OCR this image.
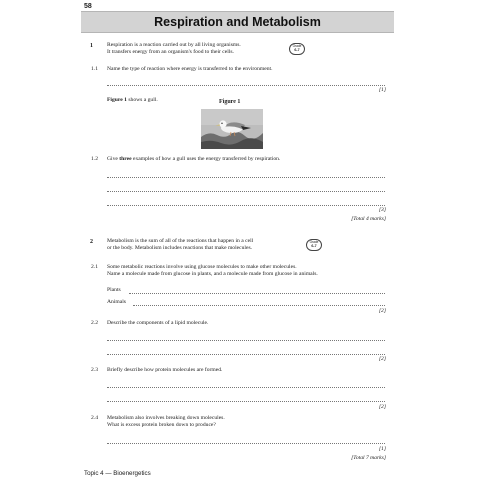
58
Respiration and Metabolism
1	Respiration is a reaction carried out by all living organisms.
It transfers energy from an organism's food to their cells.
Grade
6-7
1.1 Name the type of reaction where energy is transferred to the environment.
[1]
Figure 1 shows a gull.	Figure 1
1.2 Give three examples of how a gull uses the energy transferred by respiration.
[3]
[Total 4 marks]
2	Metabolism is the sum of all of the reactions that happen in a cell
or the body. Metabolism includes reactions that make molecules.
Grade
6-7
2.1 Some metabolic reactions involve using glucose molecules to make other molecules.
Name a molecule made from glucose in plants, and a molecule made from glucose in animals.
Plants
Animals
[2]
2.2 Describe the components of a lipid molecule.
[2]
2.3 Briefly describe how protein molecules are formed.
[2]
2.4 Metabolism also involves breaking down molecules.
What is excess protein broken down to produce?
[1]
[Total 7 marks]
Topic 4 — Bioenergetics
